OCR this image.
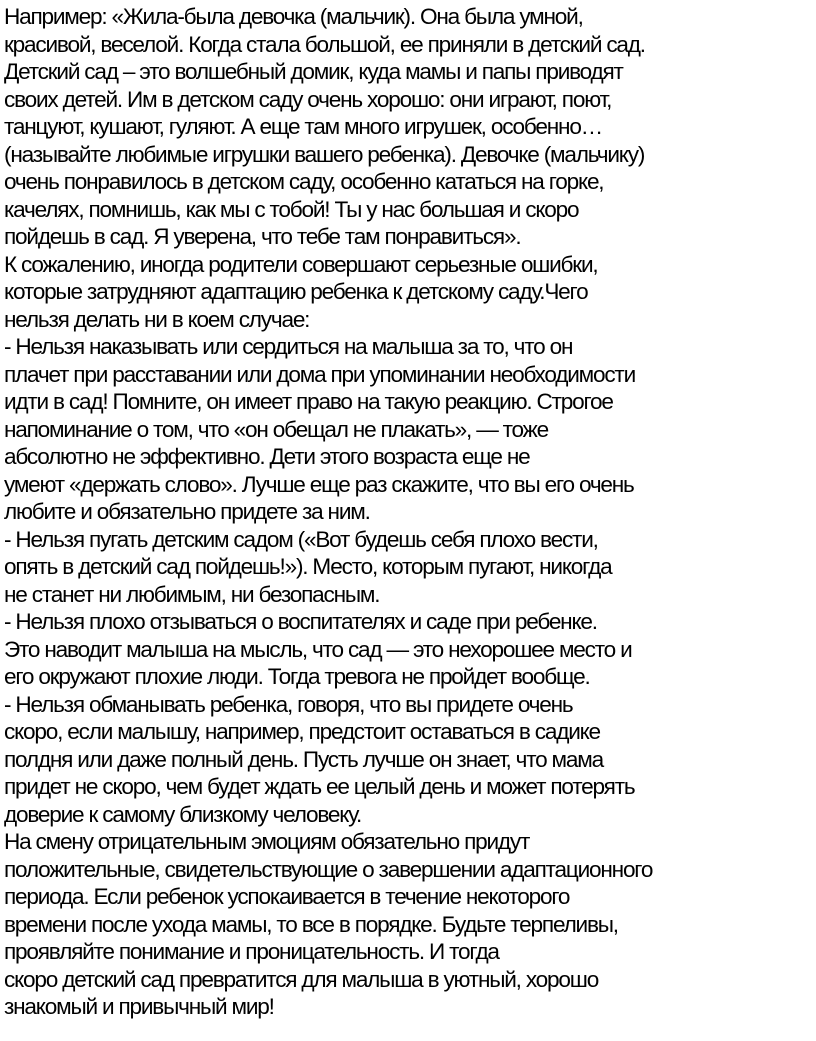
Например: «Жила-была девочка (мальчик). Она была умной,
красивой, веселой. Когда стала большой, ее приняли в детский сад.
Детский сад – это волшебный домик, куда мамы и папы приводят
своих детей. Им в детском саду очень хорошо: они играют, поют,
танцуют, кушают, гуляют. А еще там много игрушек, особенно…
(называйте любимые игрушки вашего ребенка). Девочке (мальчику)
очень понравилось в детском саду, особенно кататься на горке,
качелях, помнишь, как мы с тобой! Ты у нас большая и скоро
пойдешь в сад. Я уверена, что тебе там понравиться».
К сожалению, иногда родители совершают серьезные ошибки,
которые затрудняют адаптацию ребенка к детскому саду.Чего
нельзя делать ни в коем случае:
- Нельзя наказывать или сердиться на малыша за то, что он
плачет при расставании или дома при упоминании необходимости
идти в сад! Помните, он имеет право на такую реакцию. Строгое
напоминание о том, что «он обещал не плакать», — тоже
абсолютно не эффективно. Дети этого возраста еще не
умеют «держать слово». Лучше еще раз скажите, что вы его очень
любите и обязательно придете за ним.
- Нельзя пугать детским садом («Вот будешь себя плохо вести,
опять в детский сад пойдешь!»). Место, которым пугают, никогда
не станет ни любимым, ни безопасным.
- Нельзя плохо отзываться о воспитателях и саде при ребенке.
Это наводит малыша на мысль, что сад — это нехорошее место и
его окружают плохие люди. Тогда тревога не пройдет вообще.
- Нельзя обманывать ребенка, говоря, что вы придете очень
скоро, если малышу, например, предстоит оставаться в садике
полдня или даже полный день. Пусть лучше он знает, что мама
придет не скоро, чем будет ждать ее целый день и может потерять
доверие к самому близкому человеку.
На смену отрицательным эмоциям обязательно придут
положительные, свидетельствующие о завершении адаптационного
периода. Если ребенок успокаивается в течение некоторого
времени после ухода мамы, то все в порядке. Будьте терпеливы,
проявляйте понимание и проницательность. И тогда
скоро детский сад превратится для малыша в уютный, хорошо
знакомый и привычный мир!
